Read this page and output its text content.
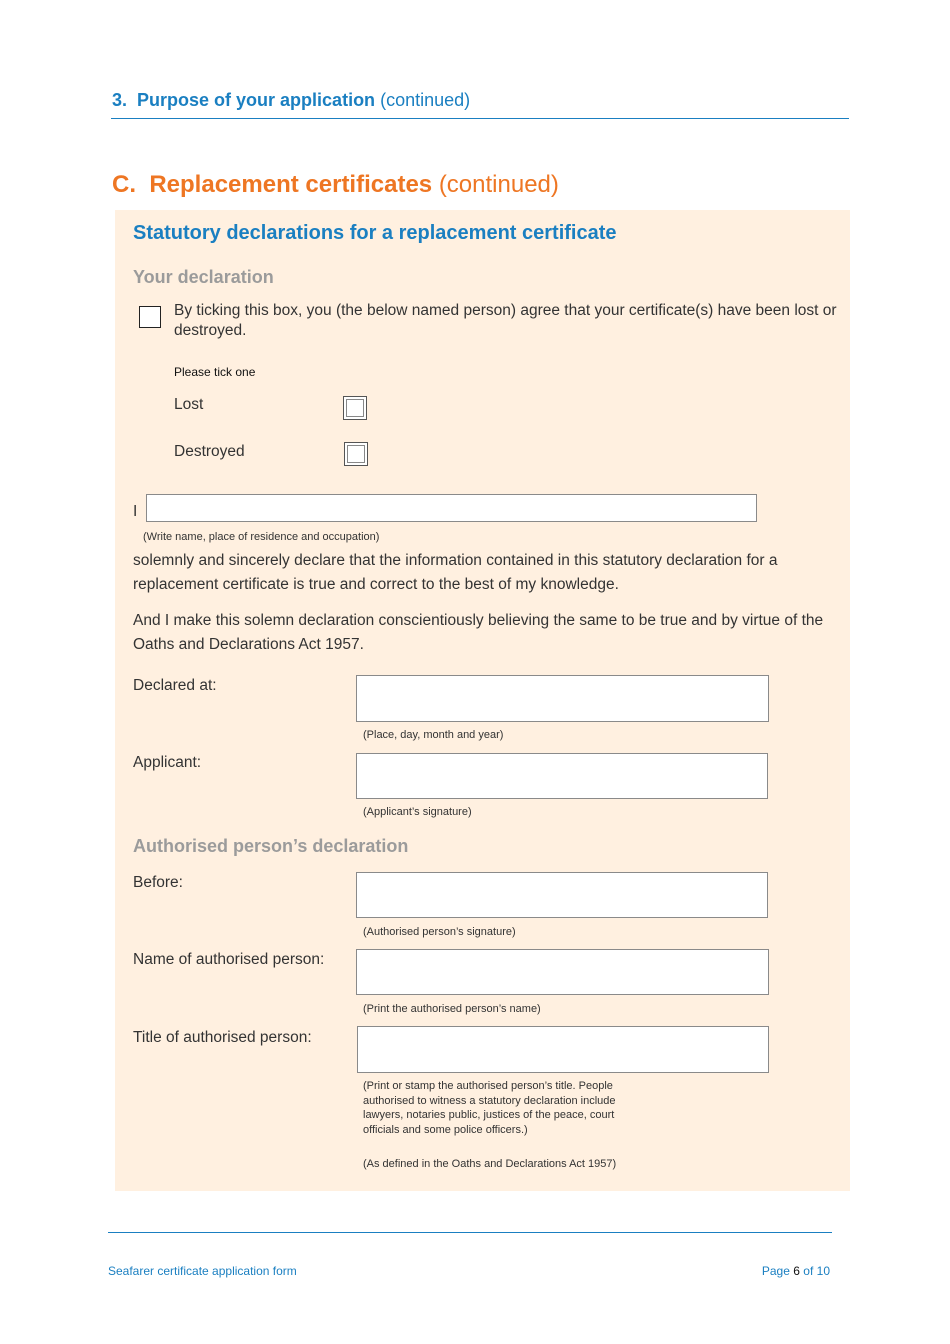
3. Purpose of your application (continued)
C. Replacement certificates (continued)
Statutory declarations for a replacement certificate
Your declaration
By ticking this box, you (the below named person) agree that your certificate(s) have been lost or destroyed.
Please tick one
Lost
Destroyed
I
(Write name, place of residence and occupation)
solemnly and sincerely declare that the information contained in this statutory declaration for a replacement certificate is true and correct to the best of my knowledge.
And I make this solemn declaration conscientiously believing the same to be true and by virtue of the Oaths and Declarations Act 1957.
Declared at:
(Place, day, month and year)
Applicant:
(Applicant’s signature)
Authorised person’s declaration
Before:
(Authorised person’s signature)
Name of authorised person:
(Print the authorised person’s name)
Title of authorised person:
(Print or stamp the authorised person’s title. People authorised to witness a statutory declaration include lawyers, notaries public, justices of the peace, court officials and some police officers.)
(As defined in the Oaths and Declarations Act 1957)
Seafarer certificate application form	Page 6 of 10
